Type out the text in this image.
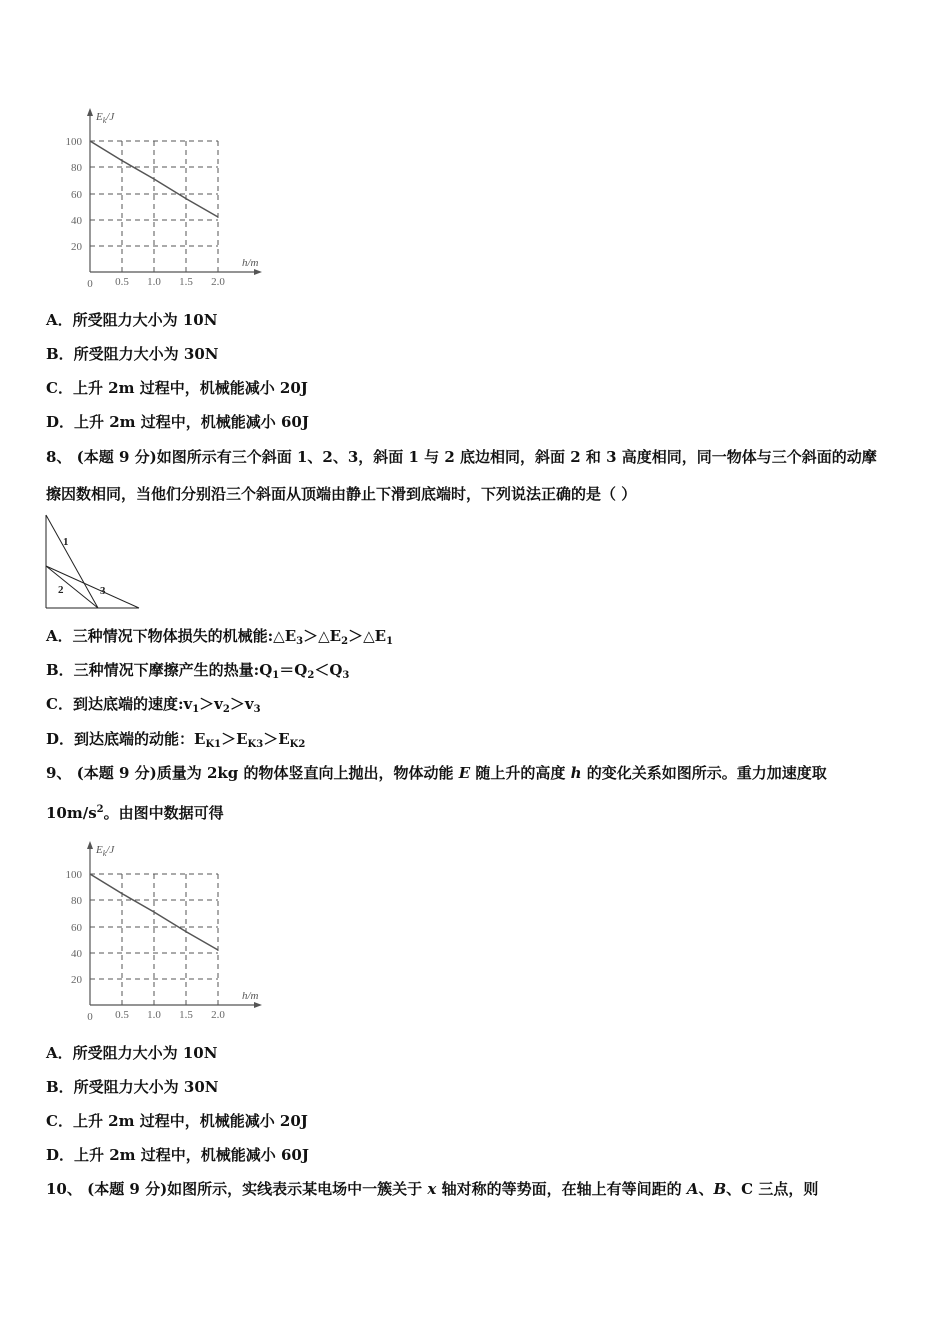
$E_k/J$
h/m
100
80
60
40
20
0 0.5 1.0 1.5 2.0
A．所受阻力大小为 10N
B．所受阻力大小为 30N
C．上升 2m 过程中，机械能减小 20J
D．上升 2m 过程中，机械能减小 60J
8、 (本题 9 分)如图所示有三个斜面 1、2、3，斜面 1 与 2 底边相同，斜面 2 和 3 高度相同，同一物体与三个斜面的动摩
擦因数相同，当他们分别沿三个斜面从顶端由静止下滑到底端时，下列说法正确的是（ ）
1
2	3
A．三种情况下物体损失的机械能$:\triangle E_3>\triangle E_2>\triangle E_1$
B．三种情况下摩擦产生的热量$:Q_1=Q_2<Q_3$
C．到达底端的速度$:v_1>v_2>v_3$
D．到达底端的动能：$E_{K1}>E_{K3}>E_{K2}$
9、 (本题 9 分)质量为 2kg 的物体竖直向上抛出，物体动能 E 随上升的高度 h 的变化关系如图所示。重力加速度取
$10m/s^2$。由图中数据可得
$E_k/J$
h/m
100
80
60
40
20
0 0.5 1.0 1.5 2.0
A．所受阻力大小为 10N
B．所受阻力大小为 30N
C．上升 2m 过程中，机械能减小 20J
D．上升 2m 过程中，机械能减小 60J
10、 (本题 9 分)如图所示，实线表示某电场中一簇关于 x 轴对称的等势面，在轴上有等间距的 A、B、C 三点，则
